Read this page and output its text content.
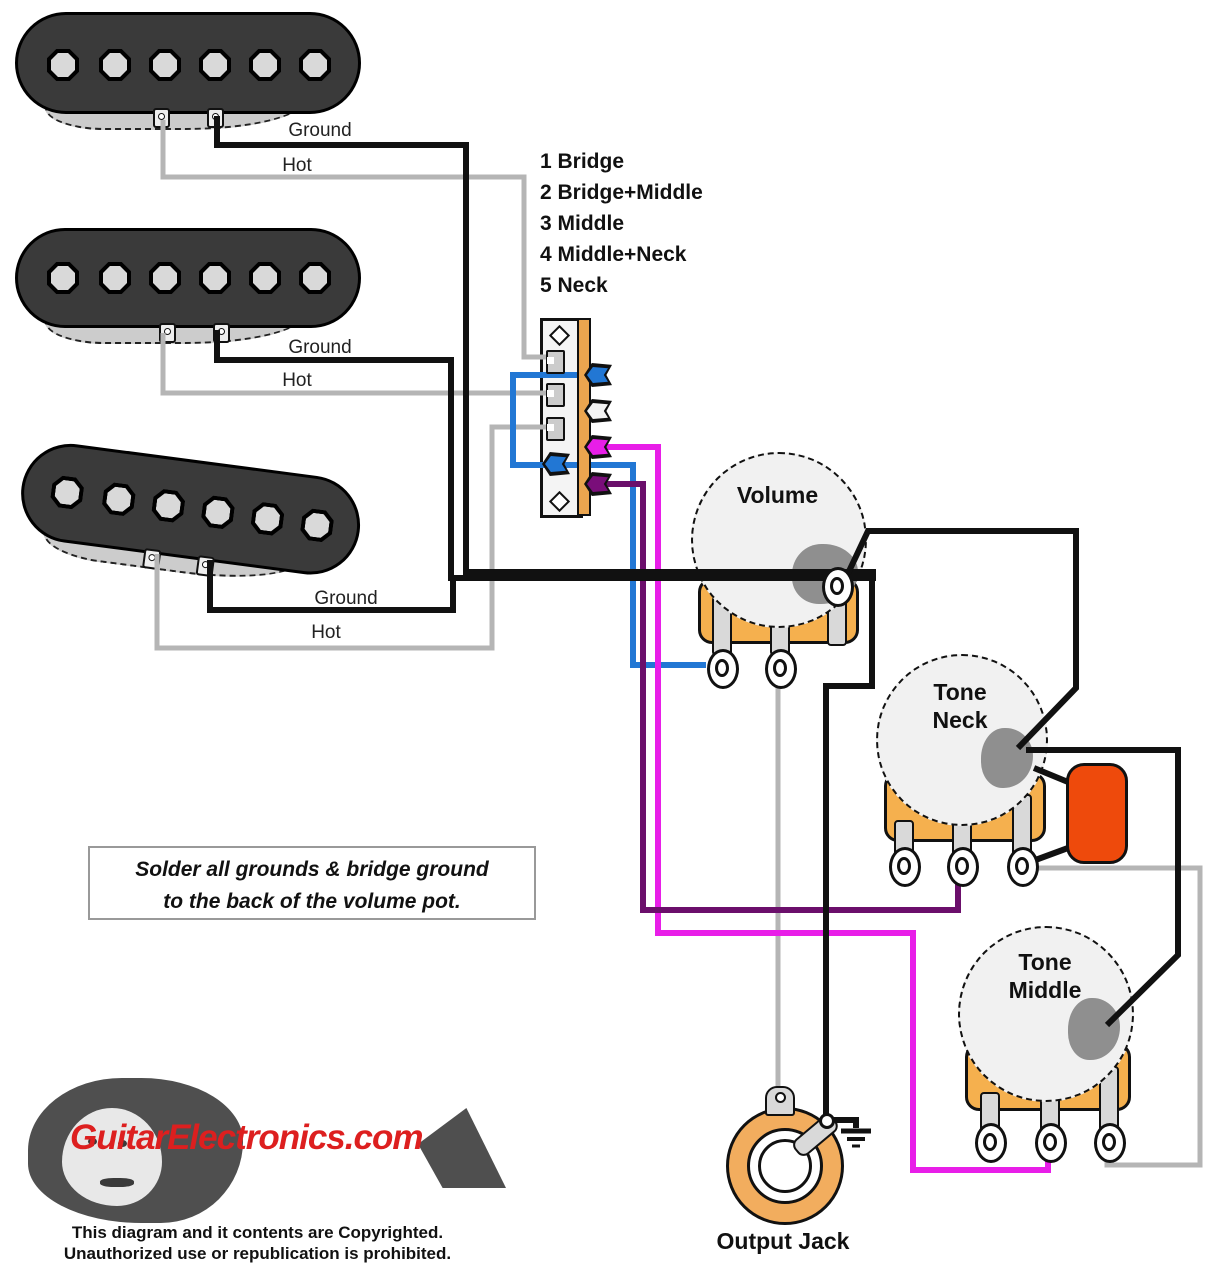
Ground
Hot
Ground
Hot
Ground
Hot
1 Bridge
2 Bridge+Middle
3 Middle
4 Middle+Neck
5 Neck
Volume
Tone
Neck
Tone
Middle
Solder all grounds & bridge ground
to the back of the volume pot.
Output Jack
GuitarElectronics.com
This diagram and it contents are Copyrighted.
Unauthorized use or republication is prohibited.
